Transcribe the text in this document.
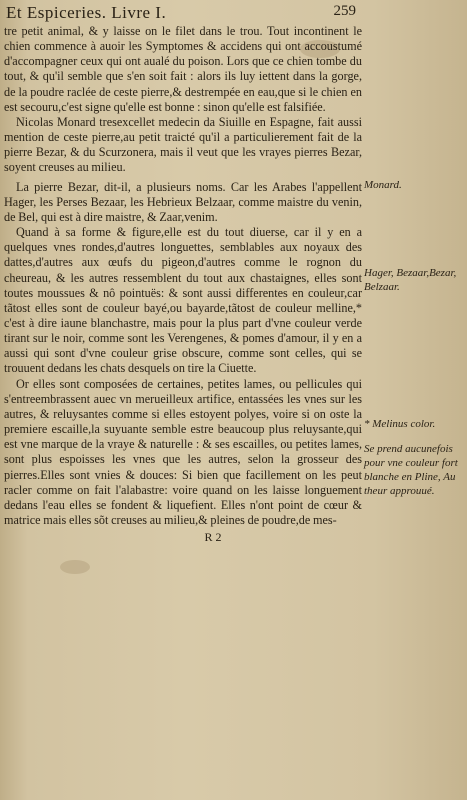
Et Espiceries. Livre I.	259

tre petit animal, & y laisse on le filet dans le trou. Tout incontinent le chien commence à auoir les Symptomes & accidens qui ont accoustumé d'accompagner ceux qui ont aualé du poison. Lors que ce chien tombe du tout, & qu'il semble que s'en soit fait : alors ils luy iettent dans la gorge, de la poudre raclée de ceste pierre,& destrempée en eau,que si le chien en est secouru,c'est signe qu'elle est bonne : sinon qu'elle est falsifiée.

Nicolas Monard tresexcellet medecin da Siuille en Espagne, fait aussi mention de ceste pierre,au petit traicté qu'il a particulierement fait de la pierre Bezar, & du Scurzonera, mais il veut que les vrayes pierres Bezar, soyent creuses au milieu.

La pierre Bezar, dit-il, a plusieurs noms. Car les Arabes l'appellent Hager, les Perses Bezaar, les Hebrieux Belzaar, comme maistre du venin, de Bel, qui est à dire maistre, & Zaar,venim.

Quand à sa forme & figure,elle est du tout diuerse, car il y en a quelques vnes rondes,d'autres longuettes, semblables aux noyaux des dattes,d'autres aux œufs du pigeon,d'autres comme le rognon du cheureau, & les autres ressemblent du tout aux chastaignes, elles sont toutes moussues & nô pointuës: & sont aussi differentes en couleur,car tãtost elles sont de couleur bayé,ou bayarde,tãtost de couleur melline,* c'est à dire iaune blanchastre, mais pour la plus part d'vne couleur verde tirant sur le noir, comme sont les Verengenes, & pomes d'amour, il y en a aussi qui sont d'vne couleur grise obscure, comme sont celles, qui se trouuent dedans les chats desquels on tire la Ciuette.

Or elles sont composées de certaines, petites lames, ou pellicules qui s'entreembrassent auec vn merueilleux artifice, entassées les vnes sur les autres, & reluysantes comme si elles estoyent polyes, voire si on oste la premiere escaille,la suyuante semble estre beaucoup plus reluysante,qui est vne marque de la vraye & naturelle : & ses escailles, ou petites lames, sont plus espoisses les vnes que les autres, selon la grosseur des pierres.Elles sont vnies & douces: Si bien que facillement on les peut racler comme on fait l'alabastre: voire quand on les laisse longuement dedans l'eau elles se fondent & liquefient. Elles n'ont point de cœur & matrice mais elles sõt creuses au milieu,& pleines de poudre,de mes-

R 2
Monard.
Hager, Bezaar,Bezar, Belzaar.
* Melinus color.
Se prend aucunefois pour vne couleur fort blanche en Pline, Au theur approuué.
